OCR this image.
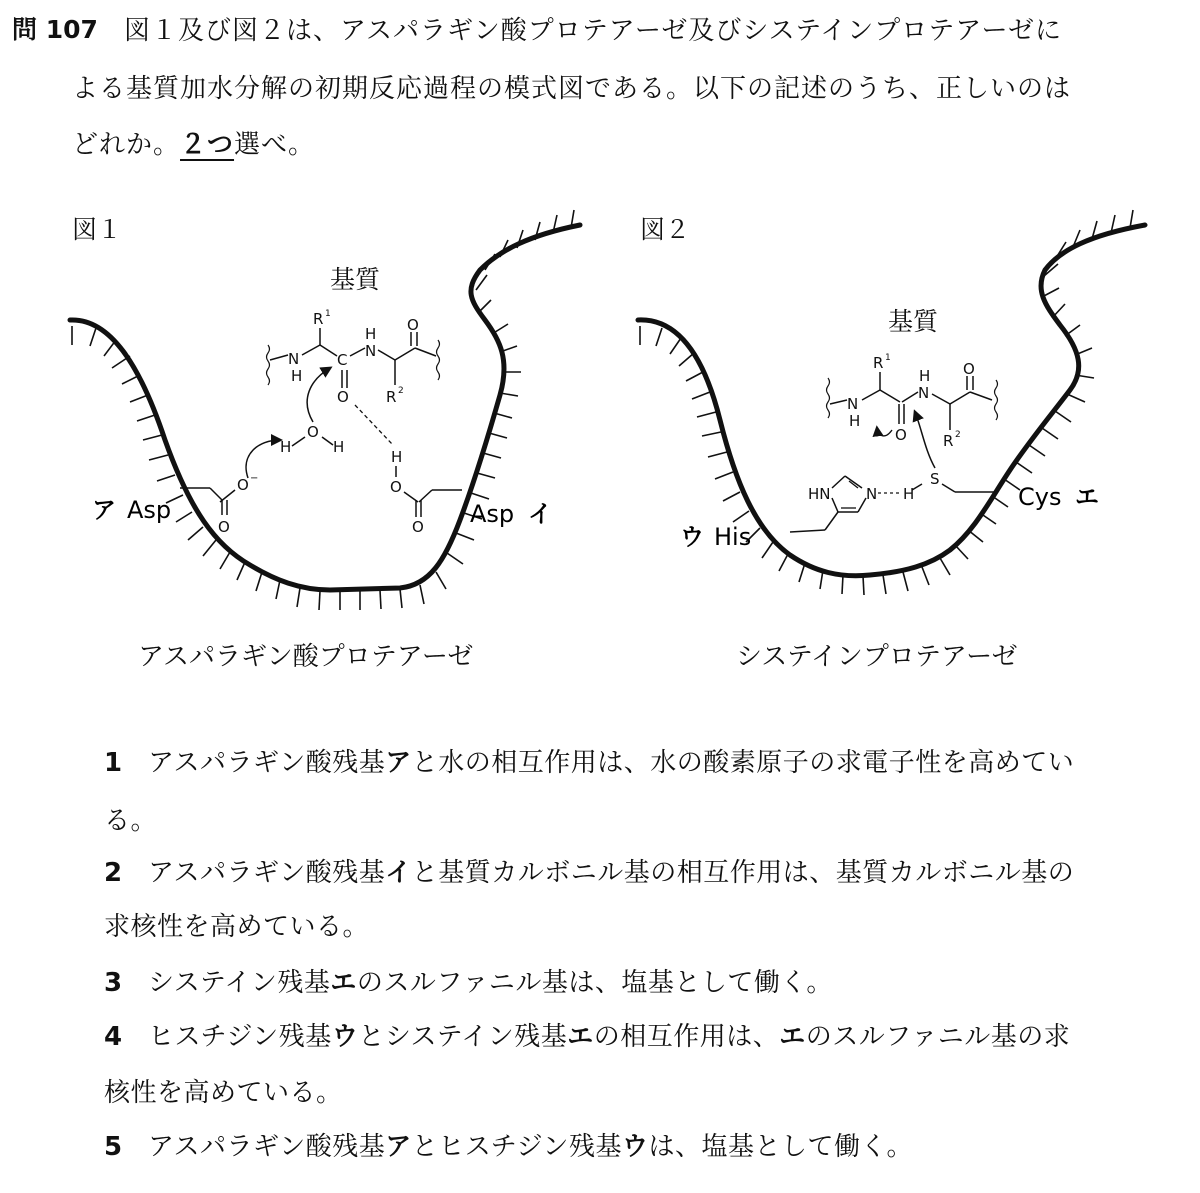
問 107 図１及び図２は、アスパラギン酸プロテアーゼ及びシステインプロテアーゼに
よる基質加水分解の初期反応過程の模式図である。以下の記述のうち、正しいのは
どれか。２つ選べ。
図１	図２
基質
N
H
R 1
C
O
N
H
R 2
O
H
O
H
O −
O
H
O
O
ア Asp	Asp イ
基質
N
H
R 1
O
N
H
R 2
O
S
H
HN N
ウ His
Cys エ
アスパラギン酸プロテアーゼ	システインプロテアーゼ
1 アスパラギン酸残基アと水の相互作用は、水の酸素原子の求電子性を高めてい
る。
2 アスパラギン酸残基イと基質カルボニル基の相互作用は、基質カルボニル基の
求核性を高めている。
3 システイン残基エのスルファニル基は、塩基として働く。
4 ヒスチジン残基ウとシステイン残基エの相互作用は、エのスルファニル基の求
核性を高めている。
5 アスパラギン酸残基アとヒスチジン残基ウは、塩基として働く。
